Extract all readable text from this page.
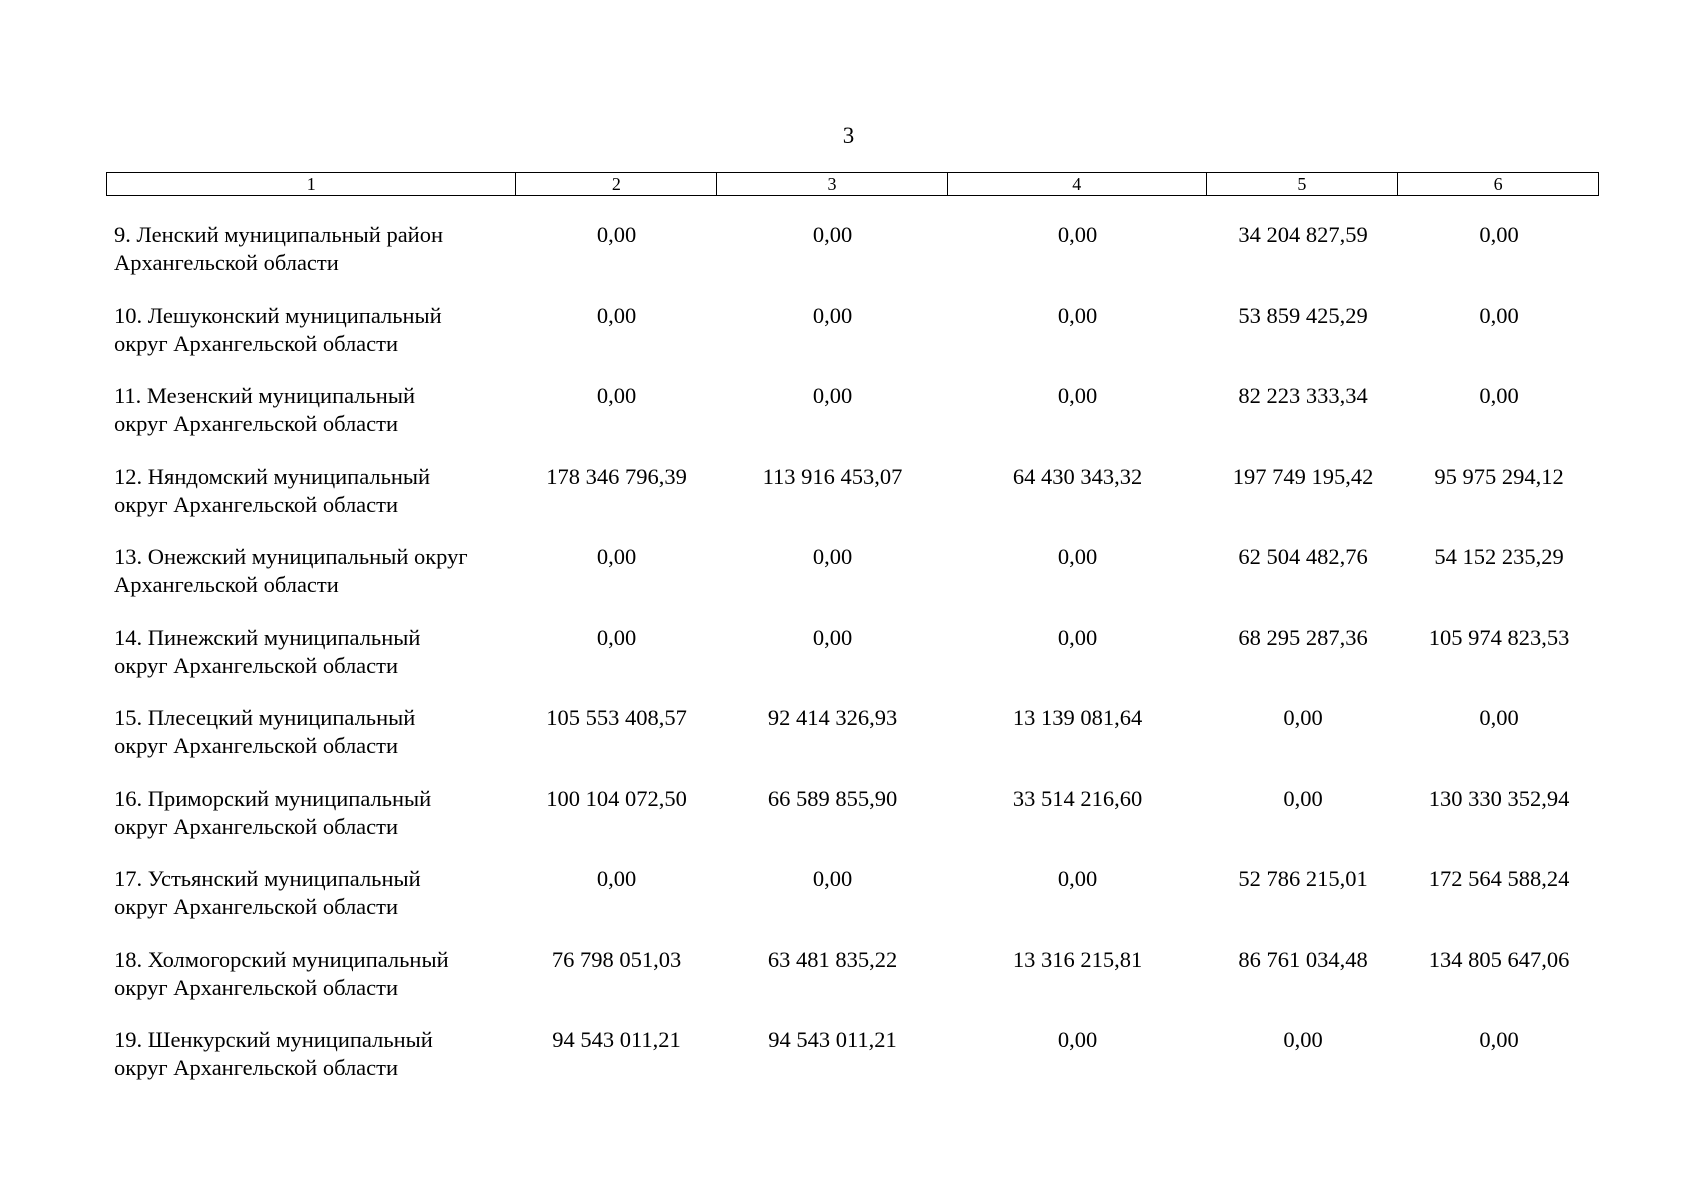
3
1	2	3	4	5	6
9. Ленский муниципальный район
Архангельской области
0,00	0,00	0,00	34 204 827,59	0,00
10. Лешуконский муниципальный
округ Архангельской области
0,00	0,00	0,00	53 859 425,29	0,00
11. Мезенский муниципальный
округ Архангельской области
0,00	0,00	0,00	82 223 333,34	0,00
12. Няндомский муниципальный
округ Архангельской области
178 346 796,39	113 916 453,07	64 430 343,32	197 749 195,42	95 975 294,12
13. Онежский муниципальный округ
Архангельской области
0,00	0,00	0,00	62 504 482,76	54 152 235,29
14. Пинежский муниципальный
округ Архангельской области
0,00	0,00	0,00	68 295 287,36	105 974 823,53
15. Плесецкий муниципальный
округ Архангельской области
105 553 408,57	92 414 326,93	13 139 081,64	0,00	0,00
16. Приморский муниципальный
округ Архангельской области
100 104 072,50	66 589 855,90	33 514 216,60	0,00	130 330 352,94
17. Устьянский муниципальный
округ Архангельской области
0,00	0,00	0,00	52 786 215,01	172 564 588,24
18. Холмогорский муниципальный
округ Архангельской области
76 798 051,03	63 481 835,22	13 316 215,81	86 761 034,48	134 805 647,06
19. Шенкурский муниципальный
округ Архангельской области
94 543 011,21	94 543 011,21	0,00	0,00	0,00
